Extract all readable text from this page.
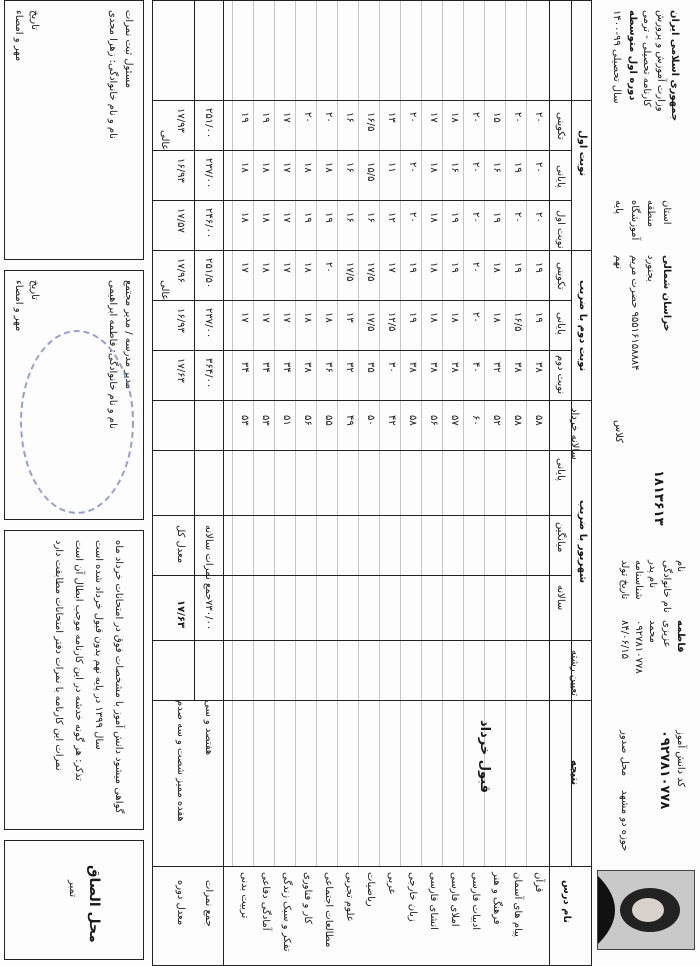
جمهوری اسلامی ایران
وزارت آموزش و پرورش
کارنامه تحصیلی - ترمی
دوره اول متوسطه
سال تحصیلی ۹۹-۱۴۰۰
استان
خراسان شمالی
منطقه
بجنورد
آموزشگاه
۹۵۵۱۶۱۵۸۸۸۴ حضرت مریم
پایه
نهم
کلاس
۱۸۱۳۶۱۳
نام
فاطمه
نام خانوادگی
عزیزی
نام پدر
محمد
شناسنامه
۰۹۲۷۸۱۰۷۷۸
تاریخ تولد
۸۴/۰۶/۱۵
کد دانش آموز
۰۹۲۷۸۱۰۷۷۸
محل صدور
حوزه دو مشهد
نام درس
نوبت اول
تکوینی
پایانی
نوبت اول
نوبت دوم با ضریب
تکوینی
پایانی
نوبت دوم
سالانه خرداد
شهریور با ضریب
پایانی
میانگین
سالانه
تعیین رشته
نتیجه
جمع نمرات
۲۵۱/۰۰
۲۳۷/۰۰
۲۴۶/۰۰
۲۵۱/۵۰
۲۳۷/۰۰
۳۶۴/۰۰
جمع نمرات سالانه
۷۳۰/۰۰
هفتصد و سی
معدل دوره
۱۷/۹۳
۱۶/۹۳
۱۷/۵۷
۱۷/۹۶
۱۶/۹۳
۱۷/۶۳
معدل کل
۱۷/۶۳
هفده ممیز شصت و سه صدم
عالی
عالی
قبول خرداد
مسئول ثبت نمرات
نام و نام خانوادگی: زهرا مجدی
تاریخ
مهر و امضاء
مدیر مدرسه / مدیر مجتمع
نام و نام خانوادگی: فاطمه ابراهیمی
تاریخ
مهر و امضاء
گواهی میشود دانش آموز با مشخصات فوق در امتحانات خرداد ماه
سال ۱۳۹۹ در پایه نهم بدون قبول خرداد شده است
تذکر: هر گونه خدشه در این کارنامه موجب ابطال آن است
نمرات این کارنامه با نمرات دفتر امتحانات مطابقت دارد
محل الصاق
تمبر	قرآن
۲۰
۲۰
۲۰
۱۹
۱۹
۳۸
۵۸
پیام های آسمان
۲۰
۱۹
۲۰
۱۹
۱۶/۵
۳۸
۵۸
فرهنگ و هنر
۱۵
۱۶
۱۹
۱۸
۱۸
۳۲
۵۲
ادبیات فارسی
۲۰
۲۰
۲۰
۲۰
۲۰
۴۰
۶۰
املای فارسی
۱۸
۱۶
۱۹
۱۹
۱۸
۳۸
۵۷
انشای فارسی
۱۷
۱۸
۱۸
۱۸
۱۸
۳۸
۵۶
زبان خارجی
۲۰
۲۰
۲۰
۱۹
۱۹
۳۸
۵۸
عربی
۱۳
۱۱
۱۲
۱۷
۱۲/۵
۳۰
۴۲
ریاضیات
۱۶/۵
۱۵/۵
۱۶
۱۷/۵
۱۷/۵
۳۵
۵۰
علوم تجربی
۱۶
۱۶
۱۶
۱۷/۵
۱۳
۳۲
۴۹
مطالعات اجتماعی
۲۰
۱۸
۱۹
۲۰
۱۸
۳۶
۵۵
کار و فناوری
۲۰
۱۸
۱۹
۱۸
۱۸
۳۸
۵۶
تفکر و سبک زندگی
۱۷
۱۷
۱۷
۱۷
۱۷
۳۴
۵۱
آمادگی دفاعی
۱۹
۱۸
۱۸
۱۸
۱۷
۳۴
۵۳
تربیت بدنی
۱۹
۱۸
۱۸
۱۷
۱۷
۳۴
۵۳
